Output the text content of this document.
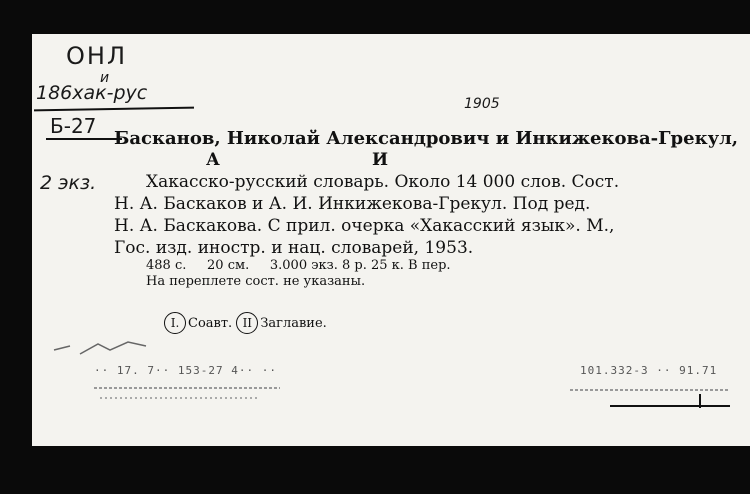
ОНЛ
и
186хак-рус
Б-27
2 экз.
1905
Басканов, Николай Александрович и Инкижекова-Грекул,
А	И
Хакасско-русский словарь. Около 14 000 слов. Сост.
Н. А. Баскаков и А. И. Инкижекова-Грекул. Под ред.
Н. А. Баскакова. С прил. очерка «Хакасский язык». М.,
Гос. изд. иностр. и нац. словарей, 1953.
488 с.     20 см.     3.000 экз. 8 р. 25 к. В пер.
На переплете сост. не указаны.
I. Соавт. II Заглавие.
·· 17. 7·· 153-27 4·· ··	101.332-3 ·· 91.71
